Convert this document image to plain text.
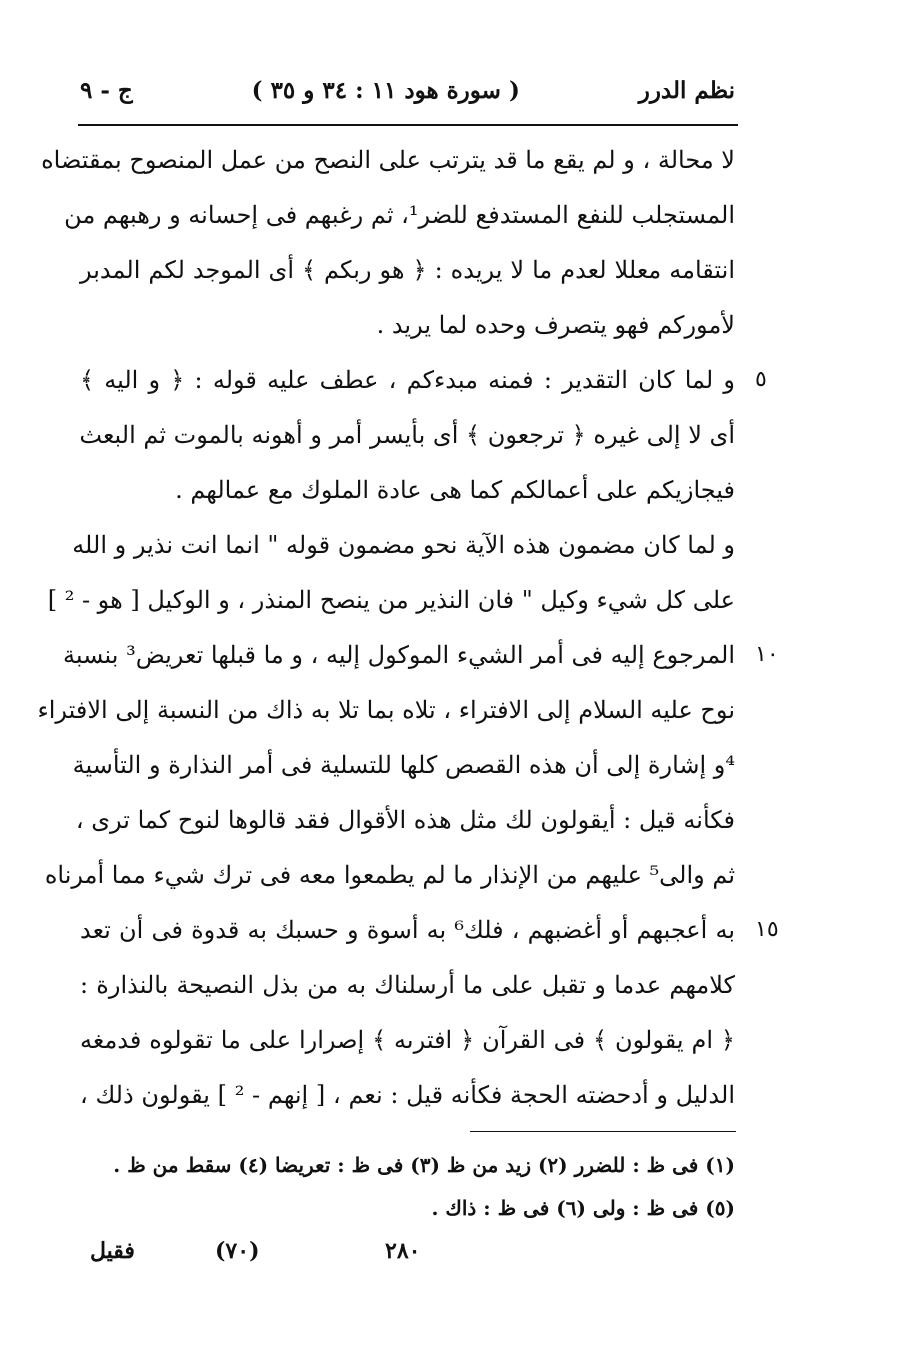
نظم الدرر
( سورة هود ١١ : ٣٤ و ٣٥ )
ج - ٩
لا محالة ، و لم يقع ما قد يترتب على النصح من عمل المنصوح بمقتضاه
المستجلب للنفع المستدفع للضر¹، ثم رغبهم فى إحسانه و رهبهم من
انتقامه معللا لعدم ما لا يريده : ﴿ هو ربكم ﴾ أى الموجد لكم المدبر
لأموركم فهو يتصرف وحده لما يريد .
و لما كان التقدير : فمنه مبدءكم ، عطف عليه قوله : ﴿ و اليه ﴾ ٥
أى لا إلى غيره ﴿ ترجعون ﴾ أى بأيسر أمر و أهونه بالموت ثم البعث
فيجازيكم على أعمالكم كما هى عادة الملوك مع عمالهم .
و لما كان مضمون هذه الآية نحو مضمون قوله " انما انت نذير و الله
على كل شيء وكيل " فان النذير من ينصح المنذر ، و الوكيل [ هو - ² ]
المرجوع إليه فى أمر الشيء الموكول إليه ، و ما قبلها تعريض³ بنسبة ١٠
نوح عليه السلام إلى الافتراء ، تلاه بما تلا به ذاك من النسبة إلى الافتراء
⁴و إشارة إلى أن هذه القصص كلها للتسلية فى أمر النذارة و التأسية
فكأنه قيل : أيقولون لك مثل هذه الأقوال فقد قالوها لنوح كما ترى ،
ثم والى⁵ عليهم من الإنذار ما لم يطمعوا معه فى ترك شيء مما أمرناه
به أعجبهم أو أغضبهم ، فلك⁶ به أسوة و حسبك به قدوة فى أن تعد ١٥
كلامهم عدما و تقبل على ما أرسلناك به من بذل النصيحة بالنذارة :
﴿ ام يقولون ﴾ فى القرآن ﴿ افترىه ﴾ إصرارا على ما تقولوه فدمغه
الدليل و أدحضته الحجة فكأنه قيل : نعم ، [ إنهم - ² ] يقولون ذلك ،
(١) فى ظ : للضرر (٢) زيد من ظ (٣) فى ظ : تعريضا (٤) سقط من ظ .
(٥) فى ظ : ولى (٦) فى ظ : ذاك .
فقيل	(٧٠)	٢٨٠
